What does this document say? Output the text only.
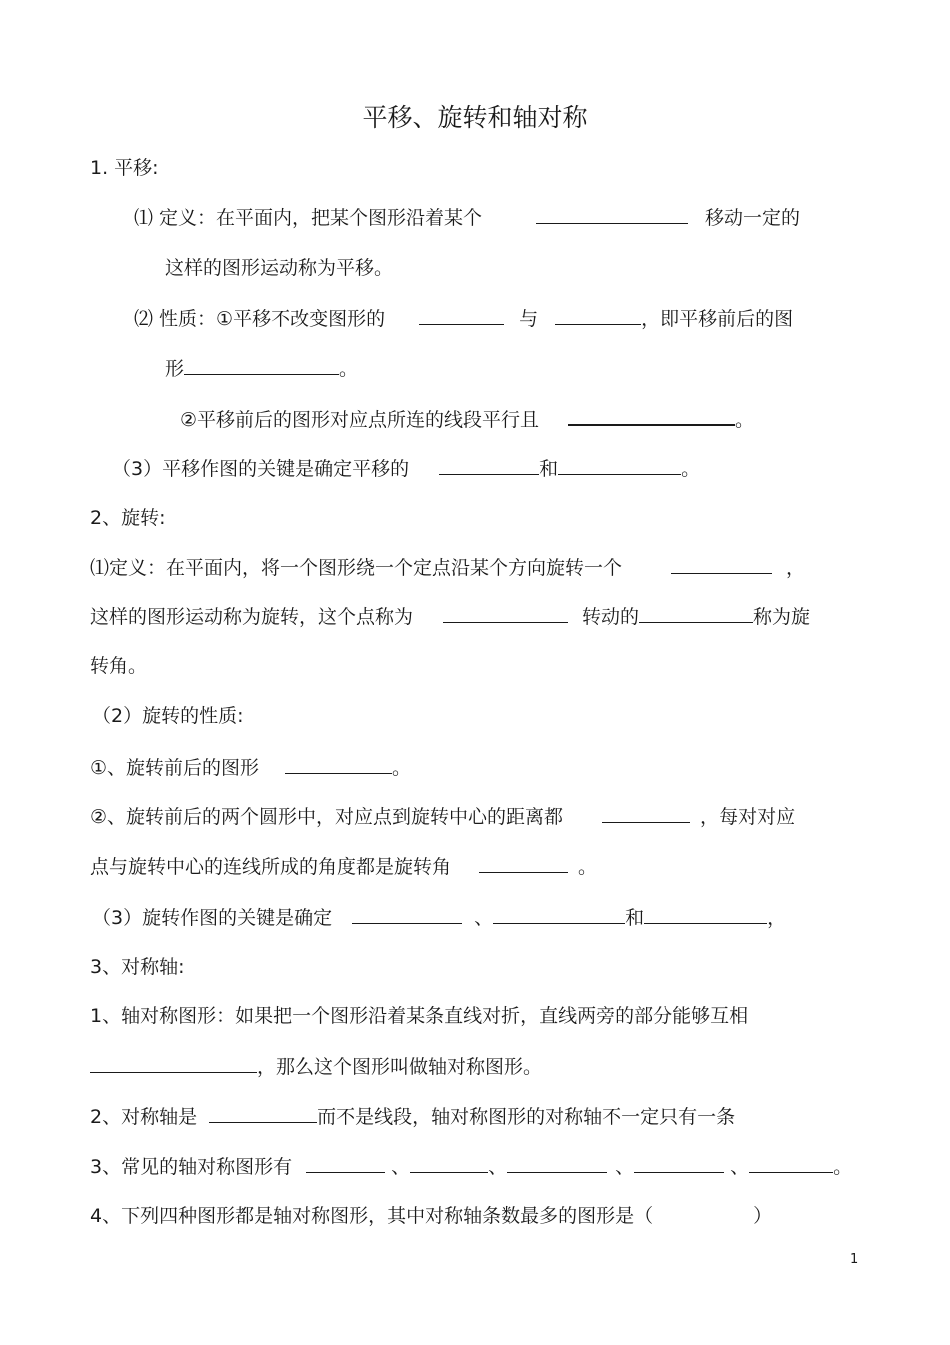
平移、旋转和轴对称
1. 平移:
⑴ 定义：在平面内，把某个图形沿着某个	移动一定的
这样的图形运动称为平移。
⑵ 性质：①平移不改变图形的	与	，即平移前后的图
形	。
②平移前后的图形对应点所连的线段平行且	。
（3）平移作图的关键是确定平移的	和	。
2、旋转:
⑴定义：在平面内，将一个图形绕一个定点沿某个方向旋转一个	，
这样的图形运动称为旋转，这个点称为	转动的	称为旋
转角。
（2）旋转的性质:
①、旋转前后的图形	。
②、旋转前后的两个圆形中，对应点到旋转中心的距离都	，每对对应
点与旋转中心的连线所成的角度都是旋转角	。
（3）旋转作图的关键是确定	、	和	，
3、对称轴:
1、轴对称图形：如果把一个图形沿着某条直线对折，直线两旁的部分能够互相
，那么这个图形叫做轴对称图形。
2、对称轴是	而不是线段，轴对称图形的对称轴不一定只有一条
3、常见的轴对称图形有	、	、	、	、	。
4、下列四种图形都是轴对称图形，其中对称轴条数最多的图形是（	）
1
